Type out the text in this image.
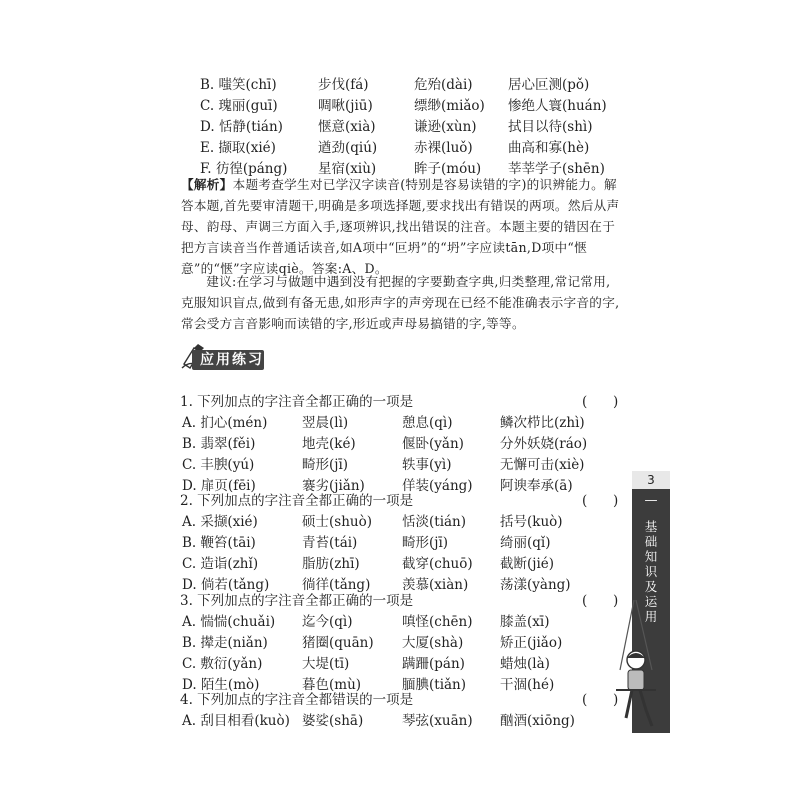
B. 嗤笑(chī)	步伐(fá)	危殆(dài)	居心叵测(pǒ)
C. 瑰丽(guī)	啁啾(jiū)	缥缈(miǎo) 惨绝人寰(huán)
D. 恬静(tián)	惬意(xià)	谦逊(xùn) 拭目以待(shì)
E. 撷取(xié)	遒劲(qiú)	赤裸(luǒ)	曲高和寡(hè)
F. 彷徨(páng) 星宿(xiù)	眸子(móu) 莘莘学子(shēn)
【解析】本题考查学生对已学汉字读音(特别是容易读错的字)的识辨能力。解答本题,首先要审清题干,明确是多项选择题,要求找出有错误的两项。然后从声母、韵母、声调三方面入手,逐项辨识,找出错误的注音。本题主要的错因在于把方言读音当作普通话读音,如A项中“叵坍”的“坍”字应读tān,D项中“惬意”的“惬”字应读qiè。答案:A、D。
建议:在学习与做题中遇到没有把握的字要勤查字典,归类整理,常记常用,克服知识盲点,做到有备无患,如形声字的声旁现在已经不能准确表示字音的字,常会受方言音影响而读错的字,形近或声母易搞错的字,等等。
应用练习
1. 下列加点的字注音全都正确的一项是	(      )
A. 扪心(mén)	翌晨(lì)	憩息(qì)	鳞次栉比(zhì)
B. 翡翠(fěi)	地壳(ké)	偃卧(yǎn)	分外妖娆(ráo)
C. 丰腴(yú)	畸形(jī)	轶事(yì)	无懈可击(xiè)
D. 扉页(fēi)	褰劣(jiǎn)	佯装(yáng) 阿谀奉承(ā)
2. 下列加点的字注音全都正确的一项是	(      )
A. 采撷(xié)	硕士(shuò) 恬淡(tián)	括号(kuò)
B. 鞭笞(tāi)	青苔(tái)	畸形(jī)	绮丽(qǐ)
C. 造诣(zhǐ)	脂肪(zhī)	截穿(chuō) 截断(jié)
D. 倘若(tǎng) 徜徉(tǎng) 羡慕(xiàn) 荡漾(yàng)
3. 下列加点的字注音全都正确的一项是	(      )
A. 惴惴(chuǎi) 迄今(qì)	嗔怪(chēn) 膝盖(xī)
B. 撵走(niǎn)	猪圈(quān) 大厦(shà)	矫正(jiǎo)
C. 敷衍(yǎn)	大堤(tī)	蹒跚(pán)	蜡烛(là)
D. 陌生(mò)	暮色(mù)	腼腆(tiǎn)	干涸(hé)
4. 下列加点的字注音全都错误的一项是	(      )
A. 刮目相看(kuò) 婆娑(shā)	琴弦(xuān) 酗酒(xiōng)
3
—
基础知识及运用
